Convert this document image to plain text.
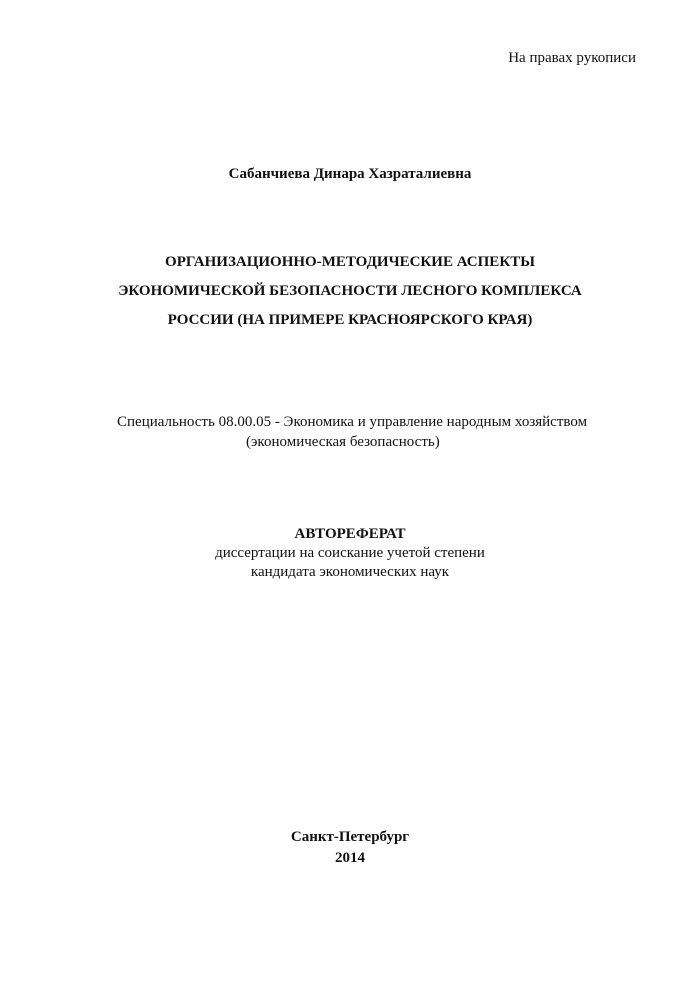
На правах рукописи
Сабанчиева Динара Хазраталиевна
ОРГАНИЗАЦИОННО-МЕТОДИЧЕСКИЕ АСПЕКТЫ
ЭКОНОМИЧЕСКОЙ БЕЗОПАСНОСТИ ЛЕСНОГО КОМПЛЕКСА
РОССИИ (НА ПРИМЕРЕ КРАСНОЯРСКОГО КРАЯ)
Специальность 08.00.05 - Экономика и управление народным хозяйством
(экономическая безопасность)
АВТОРЕФЕРАТ
диссертации на соискание учетой степени
кандидата экономических наук
Санкт-Петербург
2014
